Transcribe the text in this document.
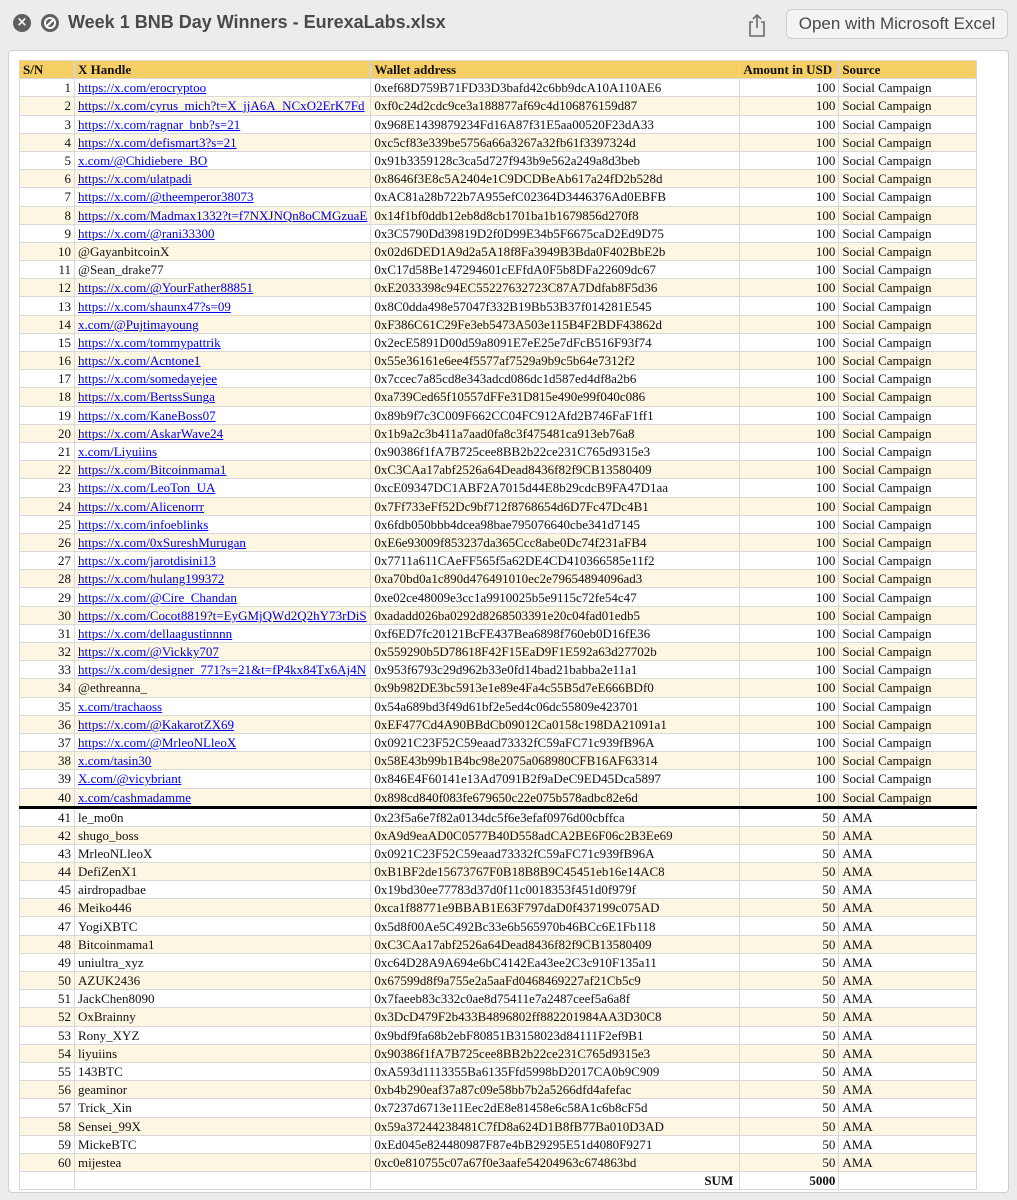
× Week 1 BNB Day Winners - EurexaLabs.xlsx	Open with Microsoft Excel
S/N	X Handle	Wallet address	Amount in USD	Source
1	https://x.com/erocryptoo	0xef68D759B71FD33D3bafd42c6bb9dcA10A110AE6	100	Social Campaign
2	https://x.com/cyrus_mich?t=X_jjA6A_NCxO2ErK7Fd	0xf0c24d2cdc9ce3a188877af69c4d106876159d87	100	Social Campaign
3	https://x.com/ragnar_bnb?s=21	0x968E1439879234Fd16A87f31E5aa00520F23dA33	100	Social Campaign
4	https://x.com/defismart3?s=21	0xc5cf83e339be5756a66a3267a32fb61f3397324d	100	Social Campaign
5	x.com/@Chidiebere_BO	0x91b3359128c3ca5d727f943b9e562a249a8d3beb	100	Social Campaign
6	https://x.com/ulatpadi	0x8646f3E8c5A2404e1C9DCDBeAb617a24fD2b528d	100	Social Campaign
7	https://x.com/@theemperor38073	0xAC81a28b722b7A955efC02364D3446376Ad0EBFB	100	Social Campaign
8	https://x.com/Madmax1332?t=f7NXJNQn8oCMGzuaE	0x14f1bf0ddb12eb8d8cb1701ba1b1679856d270f8	100	Social Campaign
9	https://x.com/@rani33300	0x3C5790Dd39819D2f0D99E34b5F6675caD2Ed9D75	100	Social Campaign
10	@GayanbitcoinX	0x02d6DED1A9d2a5A18f8Fa3949B3Bda0F402BbE2b	100	Social Campaign
11	@Sean_drake77	0xC17d58Be147294601cEFfdA0F5b8DFa22609dc67	100	Social Campaign
12	https://x.com/@YourFather88851	0xE2033398c94EC55227632723C87A7Ddfab8F5d36	100	Social Campaign
13	https://x.com/shaunx47?s=09	0x8C0dda498e57047f332B19Bb53B37f014281E545	100	Social Campaign
14	x.com/@Pujtimayoung	0xF386C61C29Fe3eb5473A503e115B4F2BDF43862d	100	Social Campaign
15	https://x.com/tommypattrik	0x2ecE5891D00d59a8091E7eE25e7dFcB516F93f74	100	Social Campaign
16	https://x.com/Acntone1	0x55e36161e6ee4f5577af7529a9b9c5b64e7312f2	100	Social Campaign
17	https://x.com/somedayejee	0x7ccec7a85cd8e343adcd086dc1d587ed4df8a2b6	100	Social Campaign
18	https://x.com/BertssSunga	0xa739Ced65f10557dFFe31D815e490e99f040c086	100	Social Campaign
19	https://x.com/KaneBoss07	0x89b9f7c3C009F662CC04FC912Afd2B746FaF1ff1	100	Social Campaign
20	https://x.com/AskarWave24	0x1b9a2c3b411a7aad0fa8c3f475481ca913eb76a8	100	Social Campaign
21	x.com/Liyuiins	0x90386f1fA7B725cee8BB2b22ce231C765d9315e3	100	Social Campaign
22	https://x.com/Bitcoinmama1	0xC3CAa17abf2526a64Dead8436f82f9CB13580409	100	Social Campaign
23	https://x.com/LeoTon_UA	0xcE09347DC1ABF2A7015d44E8b29cdcB9FA47D1aa	100	Social Campaign
24	https://x.com/Alicenorrr	0x7Ff733eFf52Dc9bf712f8768654d6D7Fc47Dc4B1	100	Social Campaign
25	https://x.com/infoeblinks	0x6fdb050bbb4dcea98bae795076640cbe341d7145	100	Social Campaign
26	https://x.com/0xSureshMurugan	0xE6e93009f853237da365Ccc8abe0Dc74f231aFB4	100	Social Campaign
27	https://x.com/jarotdisini13	0x7711a611CAeFF565f5a62DE4CD410366585e11f2	100	Social Campaign
28	https://x.com/hulang199372	0xa70bd0a1c890d476491010ec2e79654894096ad3	100	Social Campaign
29	https://x.com/@Cire_Chandan	0xe02ce48009e3cc1a9910025b5e9115c72fe54c47	100	Social Campaign
30	https://x.com/Cocot8819?t=EyGMjQWd2Q2hY73rDiS	0xadadd026ba0292d8268503391e20c04fad01edb5	100	Social Campaign
31	https://x.com/dellaagustinnnn	0xf6ED7fc20121BcFE437Bea6898f760eb0D16fE36	100	Social Campaign
32	https://x.com/@Vickky707	0x559290b5D78618F42F15EaD9F1E592a63d27702b	100	Social Campaign
33	https://x.com/designer_771?s=21&t=fP4kx84Tx6Aj4N	0x953f6793c29d962b33e0fd14bad21babba2e11a1	100	Social Campaign
34	@ethreanna_	0x9b982DE3bc5913e1e89e4Fa4c55B5d7eE666BDf0	100	Social Campaign
35	x.com/trachaoss	0x54a689bd3f49d61bf2e5ed4c06dc55809e423701	100	Social Campaign
36	https://x.com/@KakarotZX69	0xEF477Cd4A90BBdCb09012Ca0158c198DA21091a1	100	Social Campaign
37	https://x.com/@MrleoNLleoX	0x0921C23F52C59eaad73332fC59aFC71c939fB96A	100	Social Campaign
38	x.com/tasin30	0x58E43b99b1B4bc98e2075a068980CFB16AF63314	100	Social Campaign
39	X.com/@vicybriant	0x846E4F60141e13Ad7091B2f9aDeC9ED45Dca5897	100	Social Campaign
40	x.com/cashmadamme	0x898cd840f083fe679650c22e075b578adbc82e6d	100	Social Campaign
41	le_mo0n	0x23f5a6e7f82a0134dc5f6e3efaf0976d00cbffca	50	AMA
42	shugo_boss	0xA9d9eaAD0C0577B40D558adCA2BE6F06c2B3Ee69	50	AMA
43	MrleoNLleoX	0x0921C23F52C59eaad73332fC59aFC71c939fB96A	50	AMA
44	DefiZenX1	0xB1BF2de15673767F0B18B8B9C45451eb16e14AC8	50	AMA
45	airdropadbae	0x19bd30ee77783d37d0f11c0018353f451d0f979f	50	AMA
46	Meiko446	0xca1f88771e9BBAB1E63F797daD0f437199c075AD	50	AMA
47	YogiXBTC	0x5d8f00Ae5C492Bc33e6b565970b46BCc6E1Fb118	50	AMA
48	Bitcoinmama1	0xC3CAa17abf2526a64Dead8436f82f9CB13580409	50	AMA
49	uniultra_xyz	0xc64D28A9A694e6bC4142Ea43ee2C3c910F135a11	50	AMA
50	AZUK2436	0x67599d8f9a755e2a5aaFd0468469227af21Cb5c9	50	AMA
51	JackChen8090	0x7faeeb83c332c0ae8d75411e7a2487ceef5a6a8f	50	AMA
52	OxBrainny	0x3DcD479F2b433B4896802ff882201984AA3D30C8	50	AMA
53	Rony_XYZ	0x9bdf9fa68b2ebF80851B3158023d84111F2ef9B1	50	AMA
54	liyuiins	0x90386f1fA7B725cee8BB2b22ce231C765d9315e3	50	AMA
55	143BTC	0xA593d1113355Ba6135Ffd5998bD2017CA0b9C909	50	AMA
56	geaminor	0xb4b290eaf37a87c09e58bb7b2a5266dfd4afefac	50	AMA
57	Trick_Xin	0x7237d6713e11Eec2dE8e81458e6c58A1c6b8cF5d	50	AMA
58	Sensei_99X	0x59a37244238481C7fD8a624D1B8fB77Ba010D3AD	50	AMA
59	MickeBTC	0xEd045e824480987F87e4bB29295E51d4080F9271	50	AMA
60	mijestea	0xc0e810755c07a67f0e3aafe54204963c674863bd	50	AMA

			SUM 5000	
